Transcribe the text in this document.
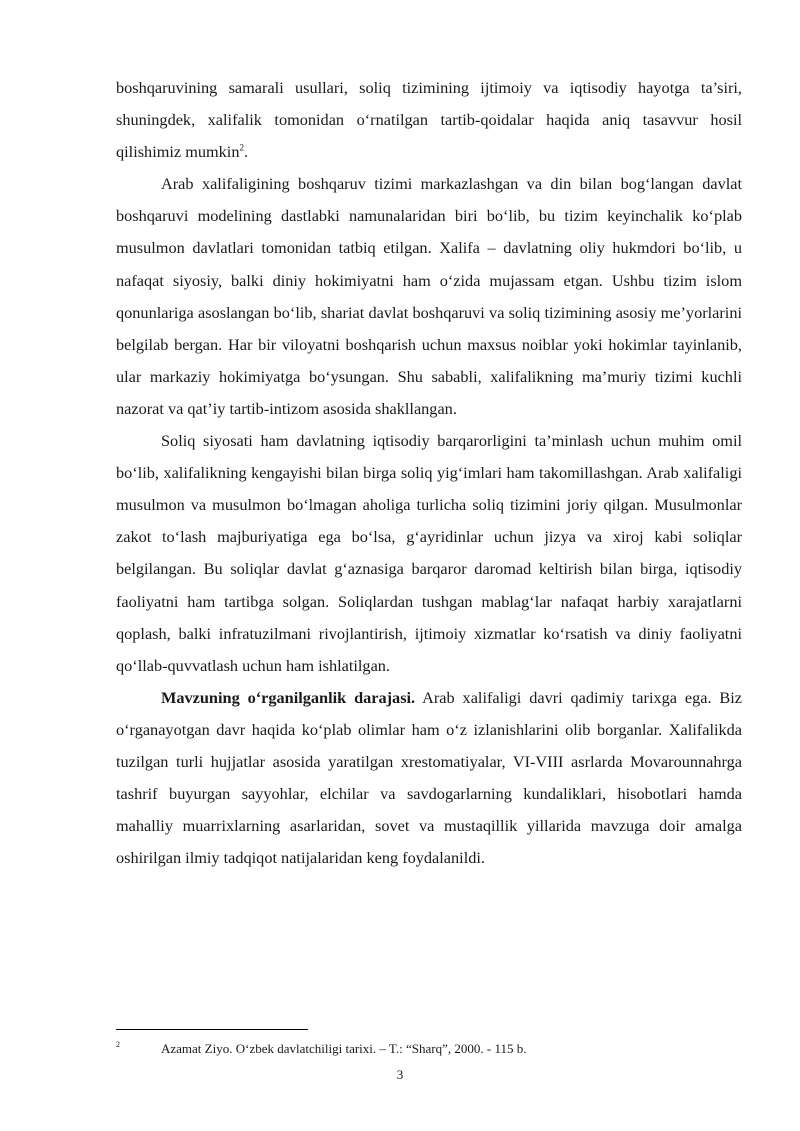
boshqaruvining samarali usullari, soliq tizimining ijtimoiy va iqtisodiy hayotga ta’siri, shuningdek, xalifalik tomonidan o‘rnatilgan tartib-qoidalar haqida aniq tasavvur hosil qilishimiz mumkin$^2$.

Arab xalifaligining boshqaruv tizimi markazlashgan va din bilan bog‘langan davlat boshqaruvi modelining dastlabki namunalaridan biri bo‘lib, bu tizim keyinchalik ko‘plab musulmon davlatlari tomonidan tatbiq etilgan. Xalifa – davlatning oliy hukmdori bo‘lib, u nafaqat siyosiy, balki diniy hokimiyatni ham o‘zida mujassam etgan. Ushbu tizim islom qonunlariga asoslangan bo‘lib, shariat davlat boshqaruvi va soliq tizimining asosiy me’yorlarini belgilab bergan. Har bir viloyatni boshqarish uchun maxsus noiblar yoki hokimlar tayinlanib, ular markaziy hokimiyatga bo‘ysungan. Shu sababli, xalifalikning ma’muriy tizimi kuchli nazorat va qat’iy tartib-intizom asosida shakllangan.

Soliq siyosati ham davlatning iqtisodiy barqarorligini ta’minlash uchun muhim omil bo‘lib, xalifalikning kengayishi bilan birga soliq yig‘imlari ham takomillashgan. Arab xalifaligi musulmon va musulmon bo‘lmagan aholiga turlicha soliq tizimini joriy qilgan. Musulmonlar zakot to‘lash majburiyatiga ega bo‘lsa, g‘ayridinlar uchun jizya va xiroj kabi soliqlar belgilangan. Bu soliqlar davlat g‘aznasiga barqaror daromad keltirish bilan birga, iqtisodiy faoliyatni ham tartibga solgan. Soliqlardan tushgan mablag‘lar nafaqat harbiy xarajatlarni qoplash, balki infratuzilmani rivojlantirish, ijtimoiy xizmatlar ko‘rsatish va diniy faoliyatni qo‘llab-quvvatlash uchun ham ishlatilgan.

Mavzuning o‘rganilganlik darajasi. Arab xalifaligi davri qadimiy tarixga ega. Biz o‘rganayotgan davr haqida ko‘plab olimlar ham o‘z izlanishlarini olib borganlar. Xalifalikda tuzilgan turli hujjatlar asosida yaratilgan xrestomatiyalar, VI-VIII asrlarda Movarounnahrga tashrif buyurgan sayyohlar, elchilar va savdogarlarning kundaliklari, hisobotlari hamda mahalliy muarrixlarning asarlaridan, sovet va mustaqillik yillarida mavzuga doir amalga oshirilgan ilmiy tadqiqot natijalaridan keng foydalanildi.

2	Azamat Ziyo. O‘zbek davlatchiligi tarixi. – T.: “Sharq”, 2000. - 115 b.
3
